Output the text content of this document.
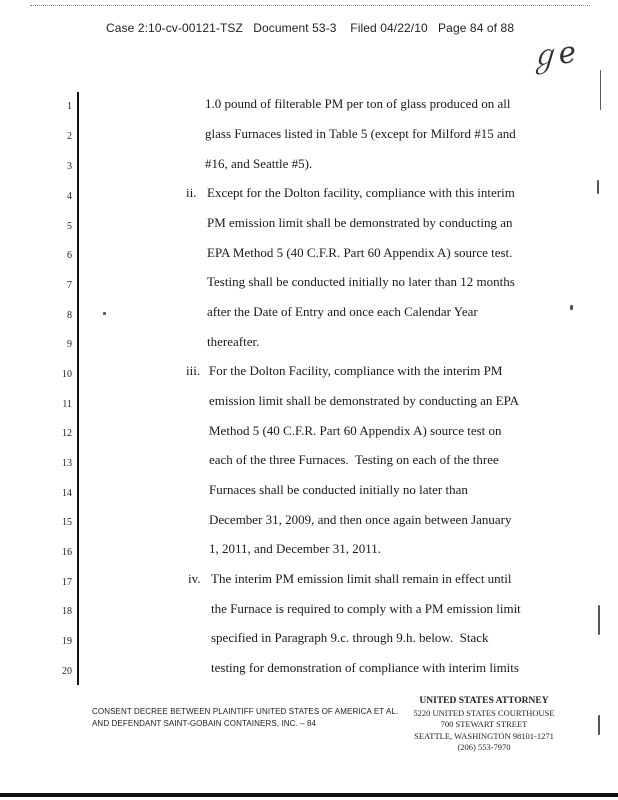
Case 2:10-cv-00121-TSZ   Document 53-3    Filed 04/22/10   Page 84 of 88
ℊe
1
2
3
4
5
6
7
8
9
10
11
12
13
14
15
16
17
18
19
20
ii.
iii.
iv.
1.0 pound of filterable PM per ton of glass produced on all
glass Furnaces listed in Table 5 (except for Milford #15 and
#16, and Seattle #5).
Except for the Dolton facility, compliance with this interim
PM emission limit shall be demonstrated by conducting an
EPA Method 5 (40 C.F.R. Part 60 Appendix A) source test.
Testing shall be conducted initially no later than 12 months
after the Date of Entry and once each Calendar Year
thereafter.
For the Dolton Facility, compliance with the interim PM
emission limit shall be demonstrated by conducting an EPA
Method 5 (40 C.F.R. Part 60 Appendix A) source test on
each of the three Furnaces.  Testing on each of the three
Furnaces shall be conducted initially no later than
December 31, 2009, and then once again between January
1, 2011, and December 31, 2011.
The interim PM emission limit shall remain in effect until
the Furnace is required to comply with a PM emission limit
specified in Paragraph 9.c. through 9.h. below.  Stack
testing for demonstration of compliance with interim limits
CONSENT DECREE BETWEEN PLAINTIFF UNITED STATES OF AMERICA ET AL.
AND DEFENDANT SAINT-GOBAIN CONTAINERS, INC. – 84
UNITED STATES ATTORNEY
5220 UNITED STATES COURTHOUSE
700 STEWART STREET
SEATTLE, WASHINGTON 98101-1271
(206) 553-7970
